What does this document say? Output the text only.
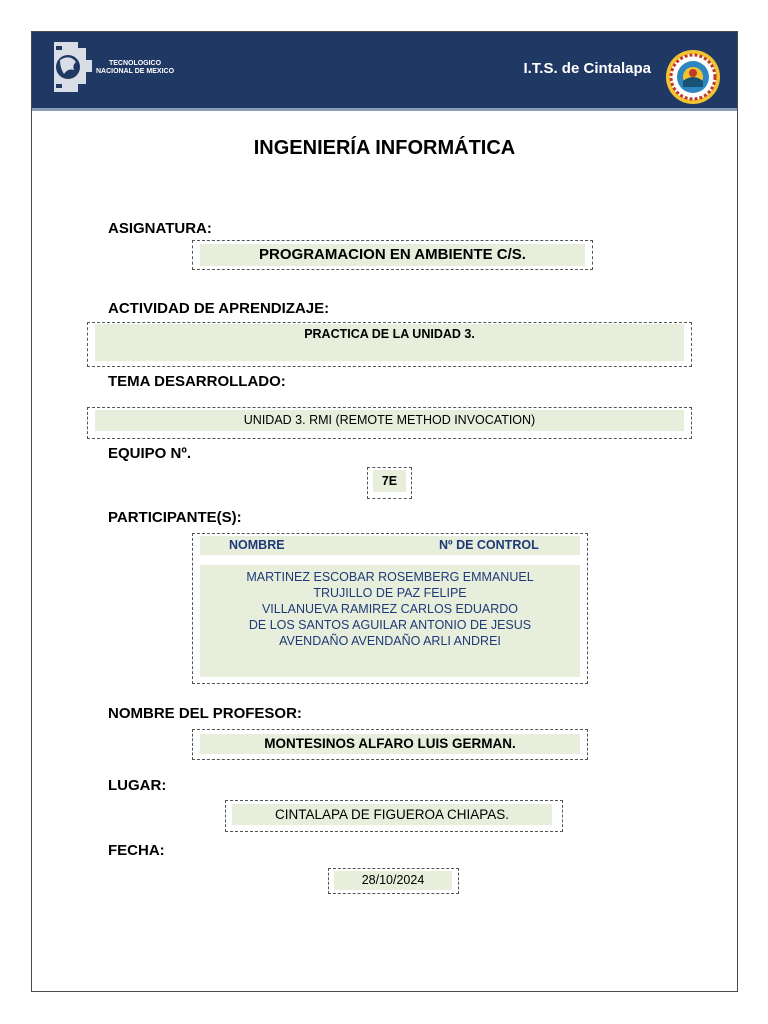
TECNOLOGICO
NACIONAL DE MEXICO	I.T.S. de Cintalapa
INGENIERÍA INFORMÁTICA
ASIGNATURA:
PROGRAMACION EN AMBIENTE C/S.
ACTIVIDAD DE APRENDIZAJE:
PRACTICA DE LA UNIDAD 3.
TEMA DESARROLLADO:
UNIDAD 3. RMI (REMOTE METHOD INVOCATION)
EQUIPO Nº.
7E
PARTICIPANTE(S):
NOMBRE	Nº DE CONTROL
MARTINEZ ESCOBAR ROSEMBERG EMMANUEL
TRUJILLO DE PAZ FELIPE
VILLANUEVA RAMIREZ CARLOS EDUARDO
DE LOS SANTOS AGUILAR ANTONIO DE JESUS
AVENDAÑO AVENDAÑO ARLI ANDREI
NOMBRE DEL PROFESOR:
MONTESINOS ALFARO LUIS GERMAN.
LUGAR:
CINTALAPA DE FIGUEROA CHIAPAS.
FECHA:
28/10/2024
